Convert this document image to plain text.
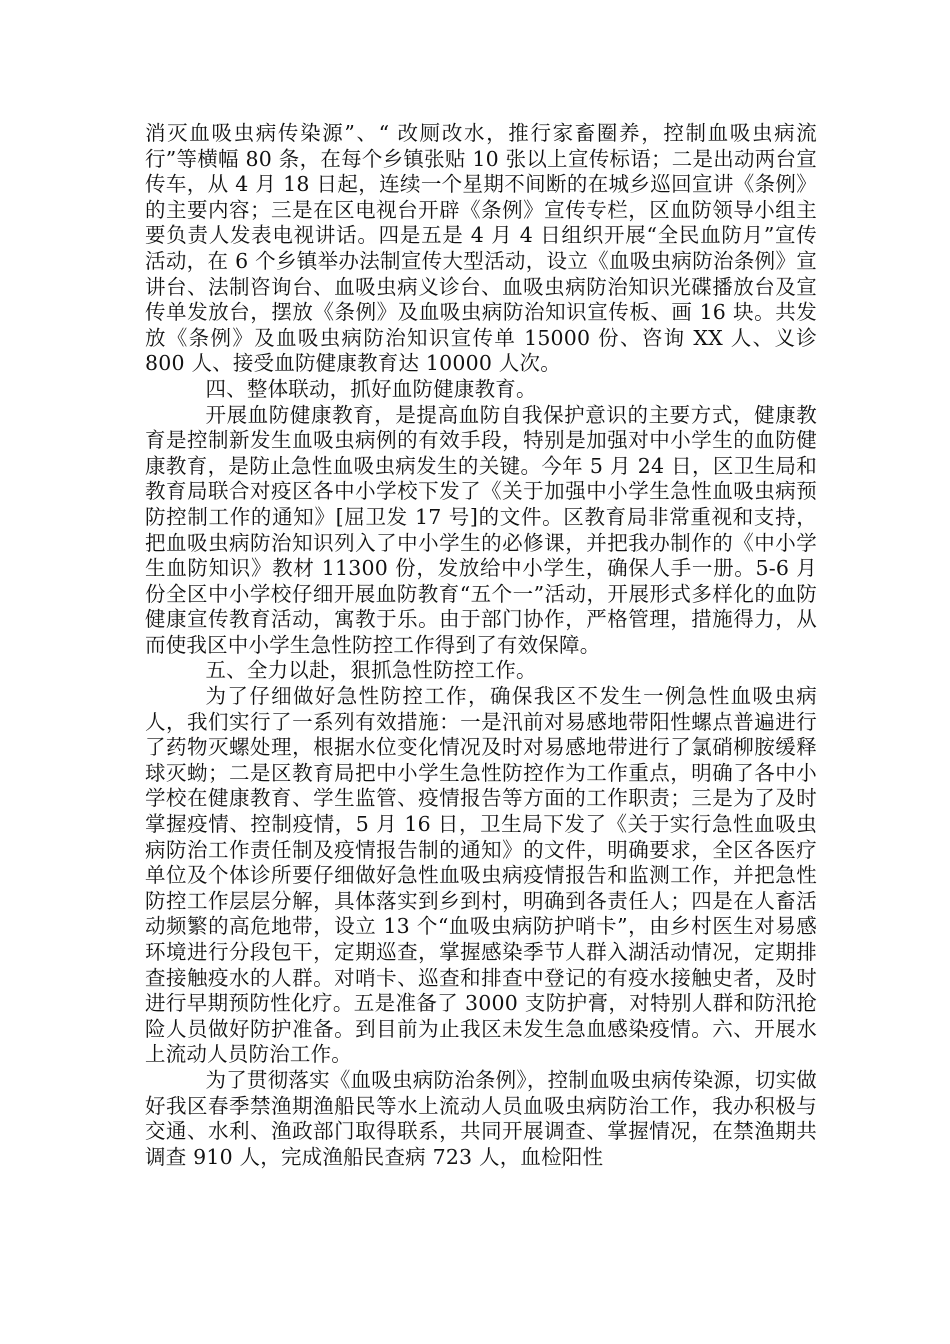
消灭血吸虫病传染源”、“ 改厕改水，推行家畜圈养，控制血吸虫病流行”等横幅 80 条，在每个乡镇张贴 10 张以上宣传标语；二是出动两台宣传车，从 4 月 18 日起，连续一个星期不间断的在城乡巡回宣讲《条例》的主要内容；三是在区电视台开辟《条例》宣传专栏，区血防领导小组主要负责人发表电视讲话。四是五是 4 月 4 日组织开展“全民血防月”宣传活动，在 6 个乡镇举办法制宣传大型活动，设立《血吸虫病防治条例》宣讲台、法制咨询台、血吸虫病义诊台、血吸虫病防治知识光碟播放台及宣传单发放台，摆放《条例》及血吸虫病防治知识宣传板、画 16 块。共发放《条例》及血吸虫病防治知识宣传单 15000 份、咨询 XX 人、义诊 800 人、接受血防健康教育达 10000 人次。

四、整体联动，抓好血防健康教育。

开展血防健康教育，是提高血防自我保护意识的主要方式，健康教育是控制新发生血吸虫病例的有效手段，特别是加强对中小学生的血防健康教育，是防止急性血吸虫病发生的关键。今年 5 月 24 日，区卫生局和教育局联合对疫区各中小学校下发了《关于加强中小学生急性血吸虫病预防控制工作的通知》[屈卫发 17 号]的文件。区教育局非常重视和支持，把血吸虫病防治知识列入了中小学生的必修课，并把我办制作的《中小学生血防知识》教材 11300 份，发放给中小学生，确保人手一册。5-6 月份全区中小学校仔细开展血防教育“五个一”活动，开展形式多样化的血防健康宣传教育活动，寓教于乐。由于部门协作，严格管理，措施得力，从而使我区中小学生急性防控工作得到了有效保障。

五、全力以赴，狠抓急性防控工作。

为了仔细做好急性防控工作，确保我区不发生一例急性血吸虫病人，我们实行了一系列有效措施：一是汛前对易感地带阳性螺点普遍进行了药物灭螺处理，根据水位变化情况及时对易感地带进行了氯硝柳胺缓释球灭蚴；二是区教育局把中小学生急性防控作为工作重点，明确了各中小学校在健康教育、学生监管、疫情报告等方面的工作职责；三是为了及时掌握疫情、控制疫情，5 月 16 日，卫生局下发了《关于实行急性血吸虫病防治工作责任制及疫情报告制的通知》的文件，明确要求，全区各医疗单位及个体诊所要仔细做好急性血吸虫病疫情报告和监测工作，并把急性防控工作层层分解，具体落实到乡到村，明确到各责任人；四是在人畜活动频繁的高危地带，设立 13 个“血吸虫病防护哨卡”，由乡村医生对易感环境进行分段包干，定期巡查，掌握感染季节人群入湖活动情况，定期排查接触疫水的人群。对哨卡、巡查和排查中登记的有疫水接触史者，及时进行早期预防性化疗。五是准备了 3000 支防护膏，对特别人群和防汛抢险人员做好防护准备。到目前为止我区未发生急血感染疫情。六、开展水上流动人员防治工作。

为了贯彻落实《血吸虫病防治条例》，控制血吸虫病传染源，切实做好我区春季禁渔期渔船民等水上流动人员血吸虫病防治工作，我办积极与交通、水利、渔政部门取得联系，共同开展调查、掌握情况，在禁渔期共调查 910 人，完成渔船民查病 723 人，血检阳性
